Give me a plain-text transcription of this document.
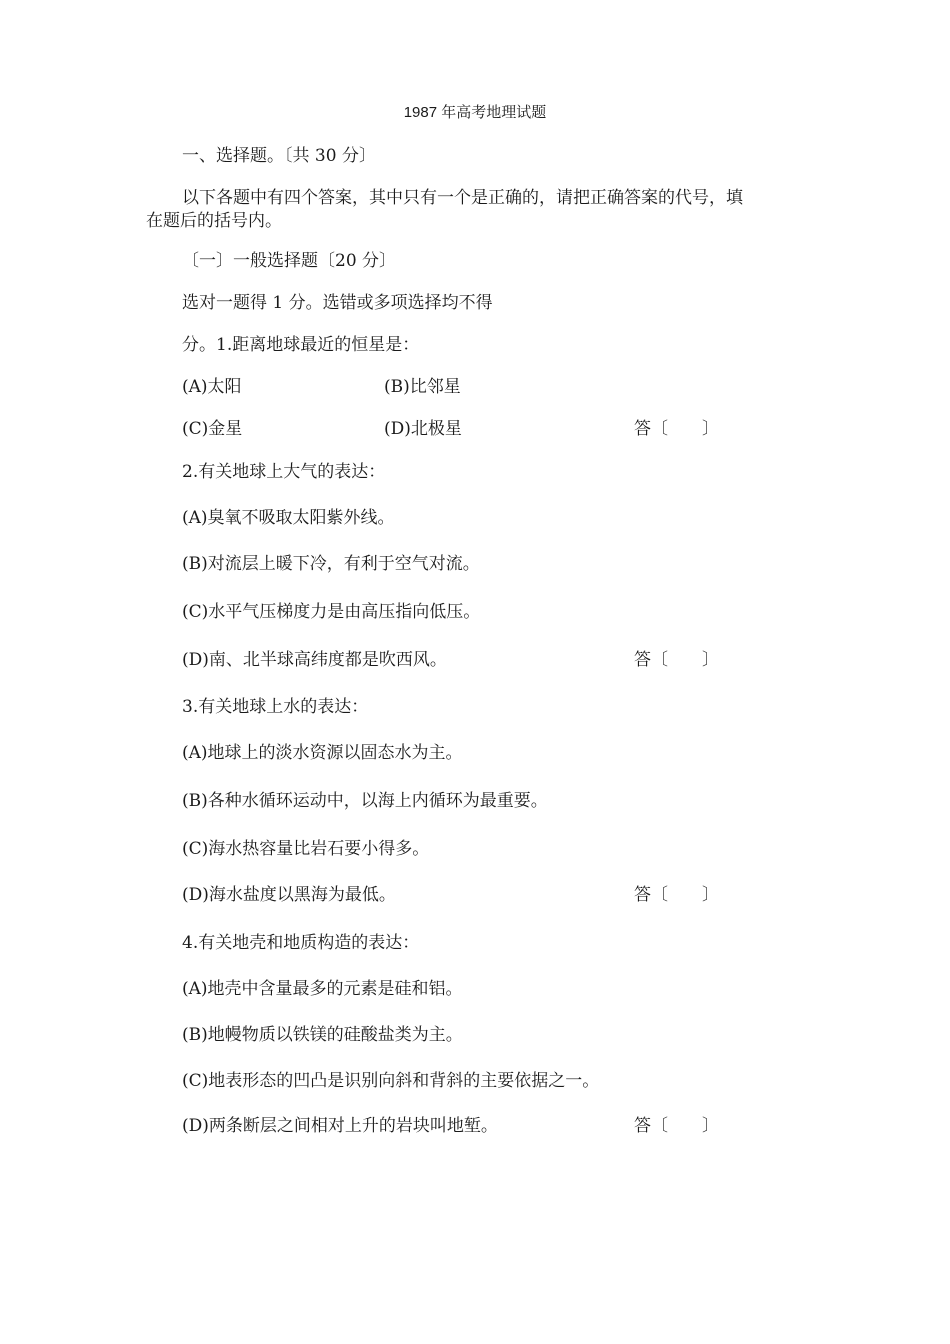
1987 年高考地理试题
一、选择题。〔共 30 分〕
以下各题中有四个答案，其中只有一个是正确的，请把正确答案的代号，填
在题后的括号内。
〔一〕一般选择题〔20 分〕
选对一题得 1 分。选错或多项选择均不得
分。1.距离地球最近的恒星是：
(A)太阳	(B)比邻星
(C)金星	(D)北极星	答〔　　〕
2.有关地球上大气的表达：
(A)臭氧不吸取太阳紫外线。
(B)对流层上暖下冷，有利于空气对流。
(C)水平气压梯度力是由高压指向低压。
(D)南、北半球高纬度都是吹西风。	答〔　　〕
3.有关地球上水的表达：
(A)地球上的淡水资源以固态水为主。
(B)各种水循环运动中，以海上内循环为最重要。
(C)海水热容量比岩石要小得多。
(D)海水盐度以黑海为最低。	答〔　　〕
4.有关地壳和地质构造的表达：
(A)地壳中含量最多的元素是硅和铝。
(B)地幔物质以铁镁的硅酸盐类为主。
(C)地表形态的凹凸是识别向斜和背斜的主要依据之一。
(D)两条断层之间相对上升的岩块叫地堑。	答〔　　〕
